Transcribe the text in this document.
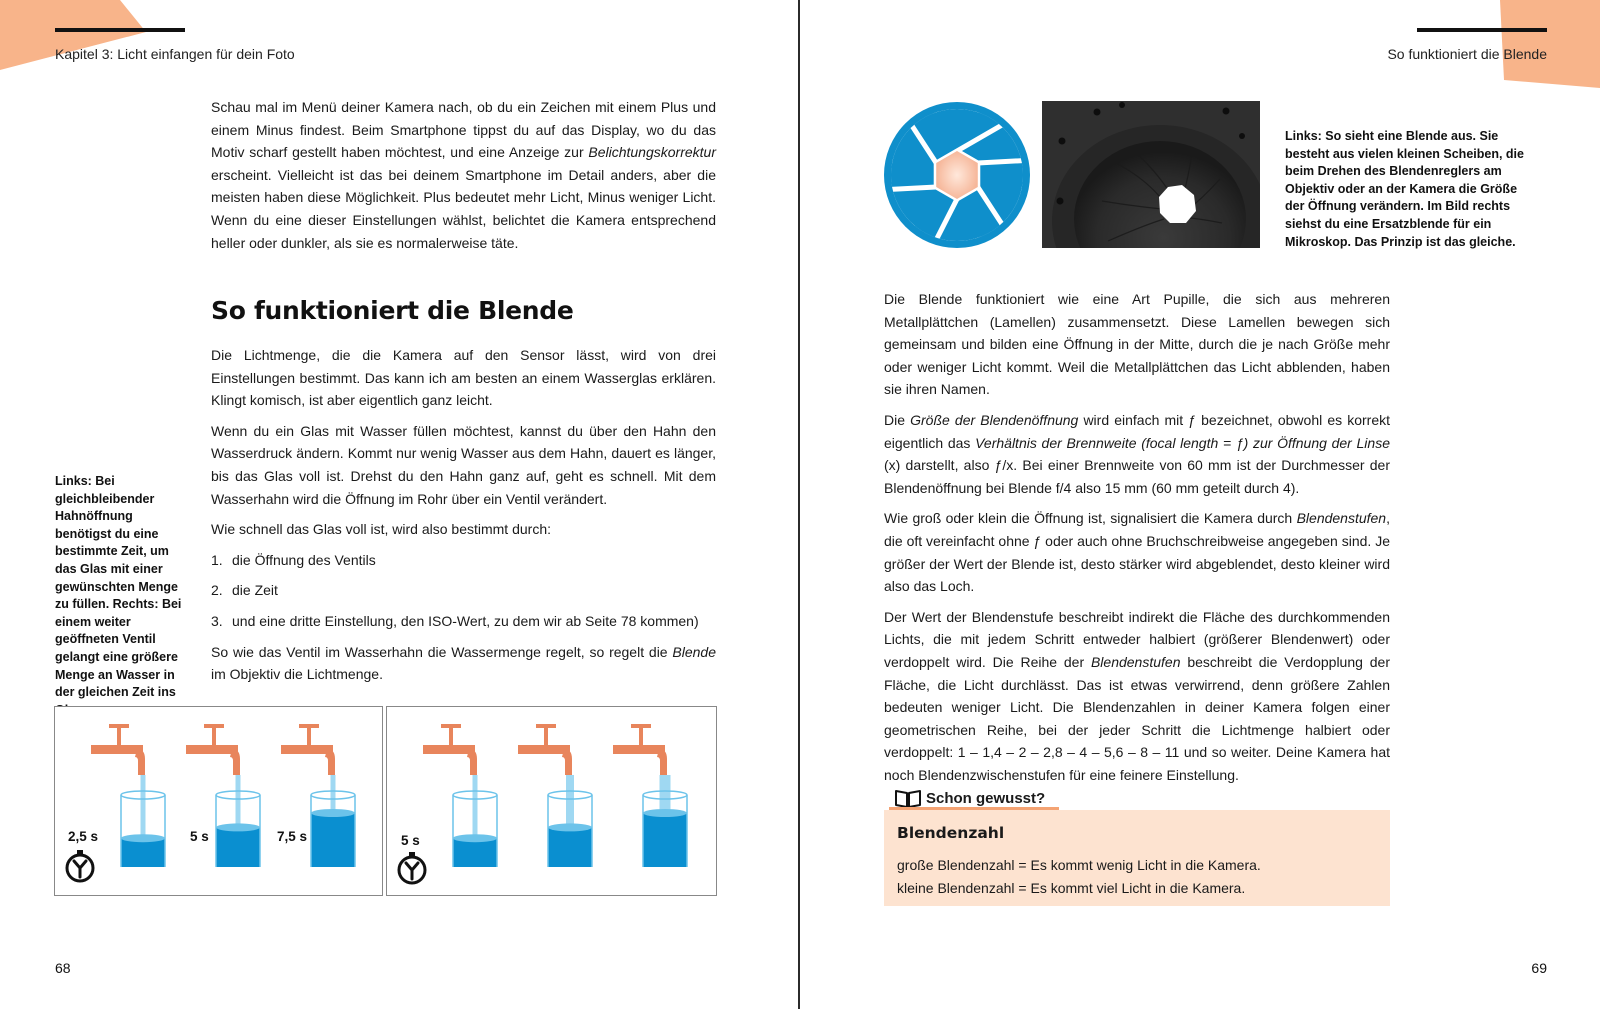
Kapitel 3: Licht einfangen für dein Foto

Schau mal im Menü deiner Kamera nach, ob du ein Zeichen mit einem Plus und einem Minus findest. Beim Smartphone tippst du auf das Display, wo du das Motiv scharf gestellt haben möchtest, und eine Anzeige zur Belichtungskorrektur erscheint. Vielleicht ist das bei deinem Smartphone im Detail anders, aber die meisten haben diese Möglichkeit. Plus bedeutet mehr Licht, Minus weniger Licht. Wenn du eine dieser Einstellungen wählst, belichtet die Kamera entsprechend heller oder dunkler, als sie es normalerweise täte.

So funktioniert die Blende

Die Lichtmenge, die die Kamera auf den Sensor lässt, wird von drei Einstellungen bestimmt. Das kann ich am besten an einem Wasserglas erklären. Klingt komisch, ist aber eigentlich ganz leicht.

Wenn du ein Glas mit Wasser füllen möchtest, kannst du über den Hahn den Wasserdruck ändern. Kommt nur wenig Wasser aus dem Hahn, dauert es länger, bis das Glas voll ist. Drehst du den Hahn ganz auf, geht es schnell. Mit dem Wasserhahn wird die Öffnung im Rohr über ein Ventil verändert.

Wie schnell das Glas voll ist, wird also bestimmt durch:

1. die Öffnung des Ventils
2. die Zeit
3. und eine dritte Einstellung, den ISO-Wert, zu dem wir ab Seite 78 kommen)

So wie das Ventil im Wasserhahn die Wassermenge regelt, so regelt die Blende im Objektiv die Lichtmenge.

Links: Bei gleichbleibender Hahnöffnung benötigst du eine bestimmte Zeit, um das Glas mit einer gewünschten Menge zu füllen. Rechts: Bei einem weiter geöffneten Ventil gelangt eine größere Menge an Wasser in der gleichen Zeit ins
2,5 s	5 s	7,5 s	5 s
68
So funktioniert die Blende
Links: So sieht eine Blende aus. Sie besteht aus vielen kleinen Scheiben, die beim Drehen des Blendenreglers am Objektiv oder an der Kamera die Größe der Öffnung verändern. Im Bild rechts siehst du eine Ersatzblende für ein Mikroskop. Das Prinzip ist das gleiche.

Die Blende funktioniert wie eine Art Pupille, die sich aus mehreren Metallplättchen (Lamellen) zusammensetzt. Diese Lamellen bewegen sich gemeinsam und bilden eine Öffnung in der Mitte, durch die je nach Größe mehr oder weniger Licht kommt. Weil die Metallplättchen das Licht abblenden, haben sie ihren Namen.

Die Größe der Blendenöffnung wird einfach mit ƒ bezeichnet, obwohl es korrekt eigentlich das Verhältnis der Brennweite (focal length = ƒ) zur Öffnung der Linse (x) darstellt, also ƒ/x. Bei einer Brennweite von 60 mm ist der Durchmesser der Blendenöffnung bei Blende f/4 also 15 mm (60 mm geteilt durch 4).

Wie groß oder klein die Öffnung ist, signalisiert die Kamera durch Blendenstufen, die oft vereinfacht ohne ƒ oder auch ohne Bruchschreibweise angegeben sind. Je größer der Wert der Blende ist, desto stärker wird abgeblendet, desto kleiner wird also das Loch.

Der Wert der Blendenstufe beschreibt indirekt die Fläche des durchkommenden Lichts, die mit jedem Schritt entweder halbiert (größerer Blendenwert) oder verdoppelt wird. Die Reihe der Blendenstufen beschreibt die Verdopplung der Fläche, die Licht durchlässt. Das ist etwas verwirrend, denn größere Zahlen bedeuten weniger Licht. Die Blendenzahlen in deiner Kamera folgen einer geometrischen Reihe, bei der jeder Schritt die Lichtmenge halbiert oder verdoppelt: 1 – 1,4 – 2 – 2,8 – 4 – 5,6 – 8 – 11 und so weiter. Deine Kamera hat noch Blendenzwischenstufen für eine feinere Einstellung.

Schon gewusst?
Blendenzahl
große Blendenzahl = Es kommt wenig Licht in die Kamera.
kleine Blendenzahl = Es kommt viel Licht in die Kamera.
69
